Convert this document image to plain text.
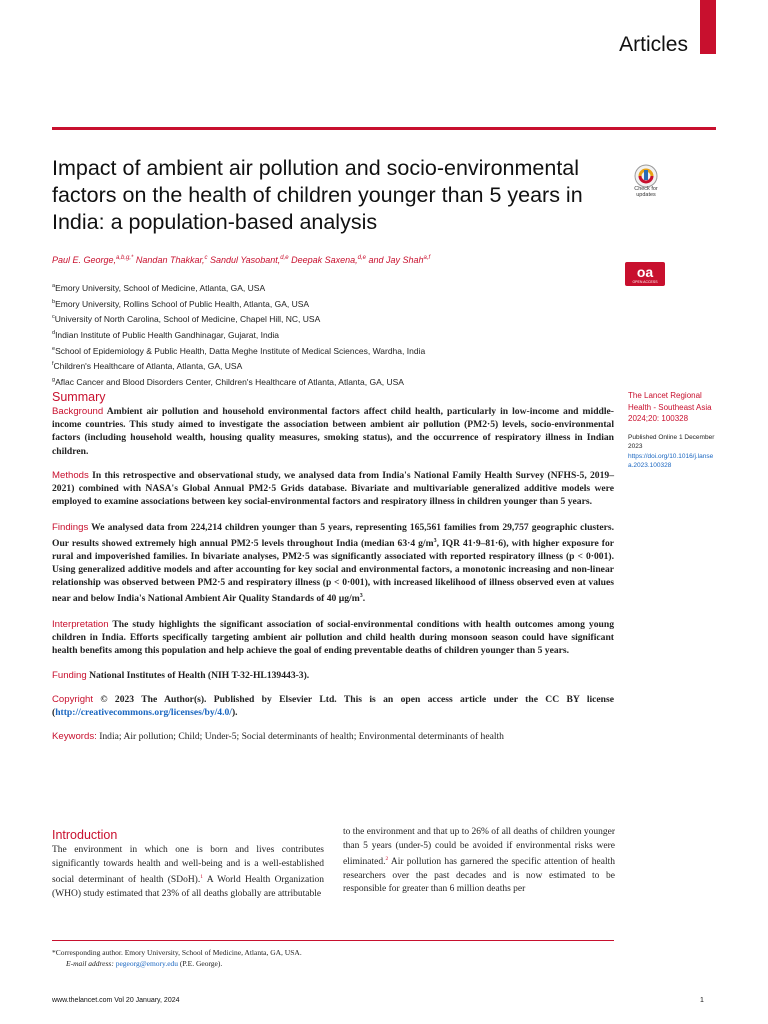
Articles
Impact of ambient air pollution and socio-environmental factors on the health of children younger than 5 years in India: a population-based analysis
Check for
updates
Paul E. George,$^{a,b,g,*}$ Nandan Thakkar,$^c$ Sandul Yasobant,$^{d,e}$ Deepak Saxena,$^{d,e}$ and Jay Shah$^{a,f}$
oa
OPEN ACCESS
$^a$Emory University, School of Medicine, Atlanta, GA, USA
$^b$Emory University, Rollins School of Public Health, Atlanta, GA, USA
$^c$University of North Carolina, School of Medicine, Chapel Hill, NC, USA
$^d$Indian Institute of Public Health Gandhinagar, Gujarat, India
$^e$School of Epidemiology & Public Health, Datta Meghe Institute of Medical Sciences, Wardha, India
$^f$Children's Healthcare of Atlanta, Atlanta, GA, USA
$^g$Aflac Cancer and Blood Disorders Center, Children's Healthcare of Atlanta, Atlanta, GA, USA
Summary

Background Ambient air pollution and household environmental factors affect child health, particularly in low-income and middle-income countries. This study aimed to investigate the association between ambient air pollution (PM2·5) levels, socio-environmental factors (including household wealth, housing quality measures, smoking status), and the occurrence of respiratory illness in Indian children.

Methods In this retrospective and observational study, we analysed data from India's National Family Health Survey (NFHS-5, 2019–2021) combined with NASA's Global Annual PM2·5 Grids database. Bivariate and multivariable generalized additive models were employed to examine associations between key social-environmental factors and respiratory illness in children younger than 5 years.

Findings We analysed data from 224,214 children younger than 5 years, representing 165,561 families from 29,757 geographic clusters. Our results showed extremely high annual PM2·5 levels throughout India (median 63·4 $g/m^3$, IQR 41·9–81·6), with higher exposure for rural and impoverished families. In bivariate analyses, PM2·5 was significantly associated with reported respiratory illness (p < 0·001). Using generalized additive models and after accounting for key social and environmental factors, a monotonic increasing and non-linear relationship was observed between PM2·5 and respiratory illness (p < 0·001), with increased likelihood of illness observed even at values near and below India's National Ambient Air Quality Standards of 40 $\mu g/m^3$.

Interpretation The study highlights the significant association of social-environmental conditions with health outcomes among young children in India. Efforts specifically targeting ambient air pollution and child health during monsoon season could have significant health benefits among this population and help achieve the goal of ending preventable deaths of children younger than 5 years.

Funding National Institutes of Health (NIH T-32-HL139443-3).

Copyright © 2023 The Author(s). Published by Elsevier Ltd. This is an open access article under the CC BY license (http://creativecommons.org/licenses/by/4.0/).

Keywords: India; Air pollution; Child; Under-5; Social determinants of health; Environmental determinants of health

The Lancet Regional Health - Southeast Asia 2024;20: 100328
Published Online 1 December 2023
https://doi.org/10.1016/j.lansea.2023.100328
Introduction
The environment in which one is born and lives contributes significantly towards health and well-being and is a well-established social determinant of health (SDoH).$^1$ A World Health Organization (WHO) study estimated that 23% of all deaths globally are attributable
to the environment and that up to 26% of all deaths of children younger than 5 years (under-5) could be avoided if environmental risks were eliminated.$^2$ Air pollution has garnered the specific attention of health researchers over the past decades and is now estimated to be responsible for greater than 6 million deaths per
*Corresponding author. Emory University, School of Medicine, Atlanta, GA, USA.
E-mail address: pegeorg@emory.edu (P.E. George).
www.thelancet.com Vol 20 January, 2024	1
